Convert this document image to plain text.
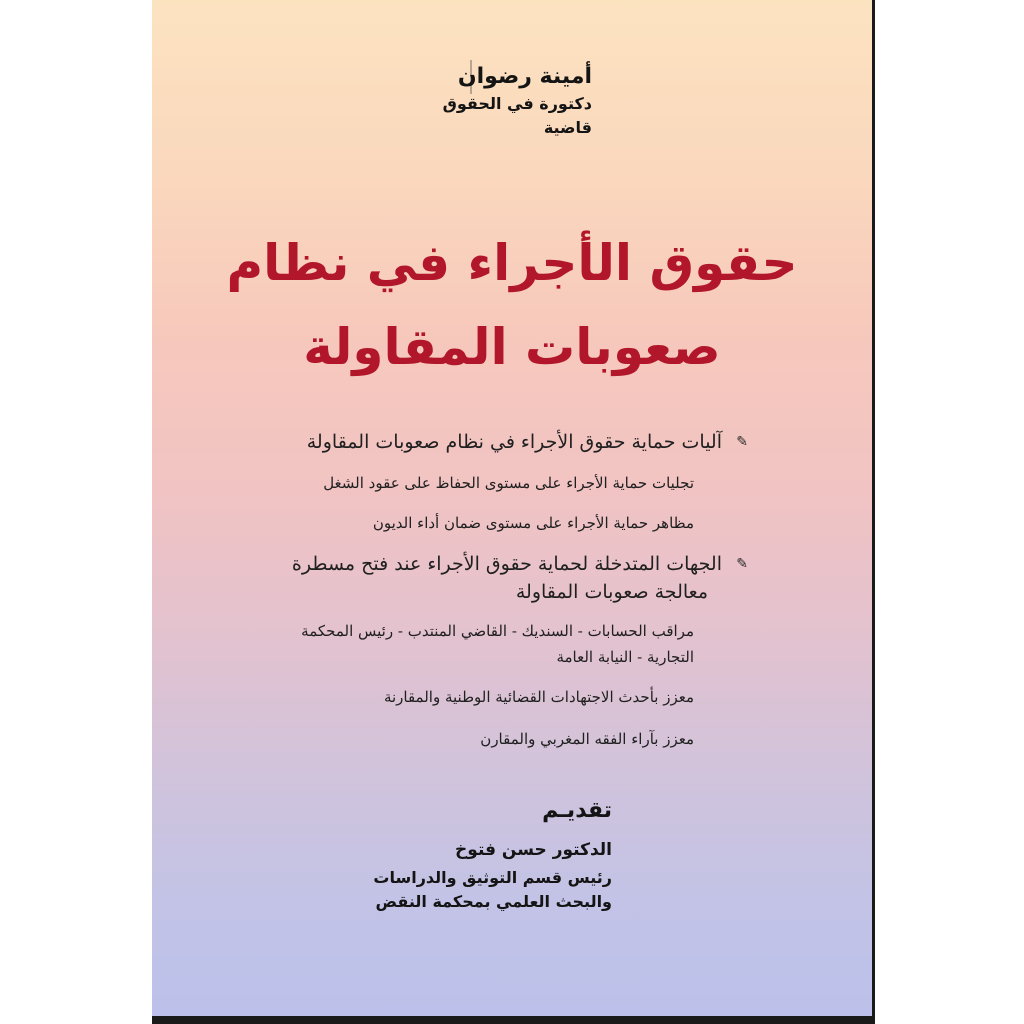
أمينة رضوان
دكتورة في الحقوق
قاضية
حقوق الأجراء في نظام
صعوبات المقاولة
✎
آليات حماية حقوق الأجراء في نظام صعوبات المقاولة
تجليات حماية الأجراء على مستوى الحفاظ على عقود الشغل
مظاهر حماية الأجراء على مستوى ضمان أداء الديون
✎
الجهات المتدخلة لحماية حقوق الأجراء عند فتح مسطرة
معالجة صعوبات المقاولة
مراقب الحسابات - السنديك - القاضي المنتدب - رئيس المحكمة
التجارية - النيابة العامة
معزز بأحدث الاجتهادات القضائية الوطنية والمقارنة
معزز بآراء الفقه المغربي والمقارن
تقديـم
الدكتور حسن فتوخ
رئيس قسم التوثيق والدراسات
والبحث العلمي بمحكمة النقض
